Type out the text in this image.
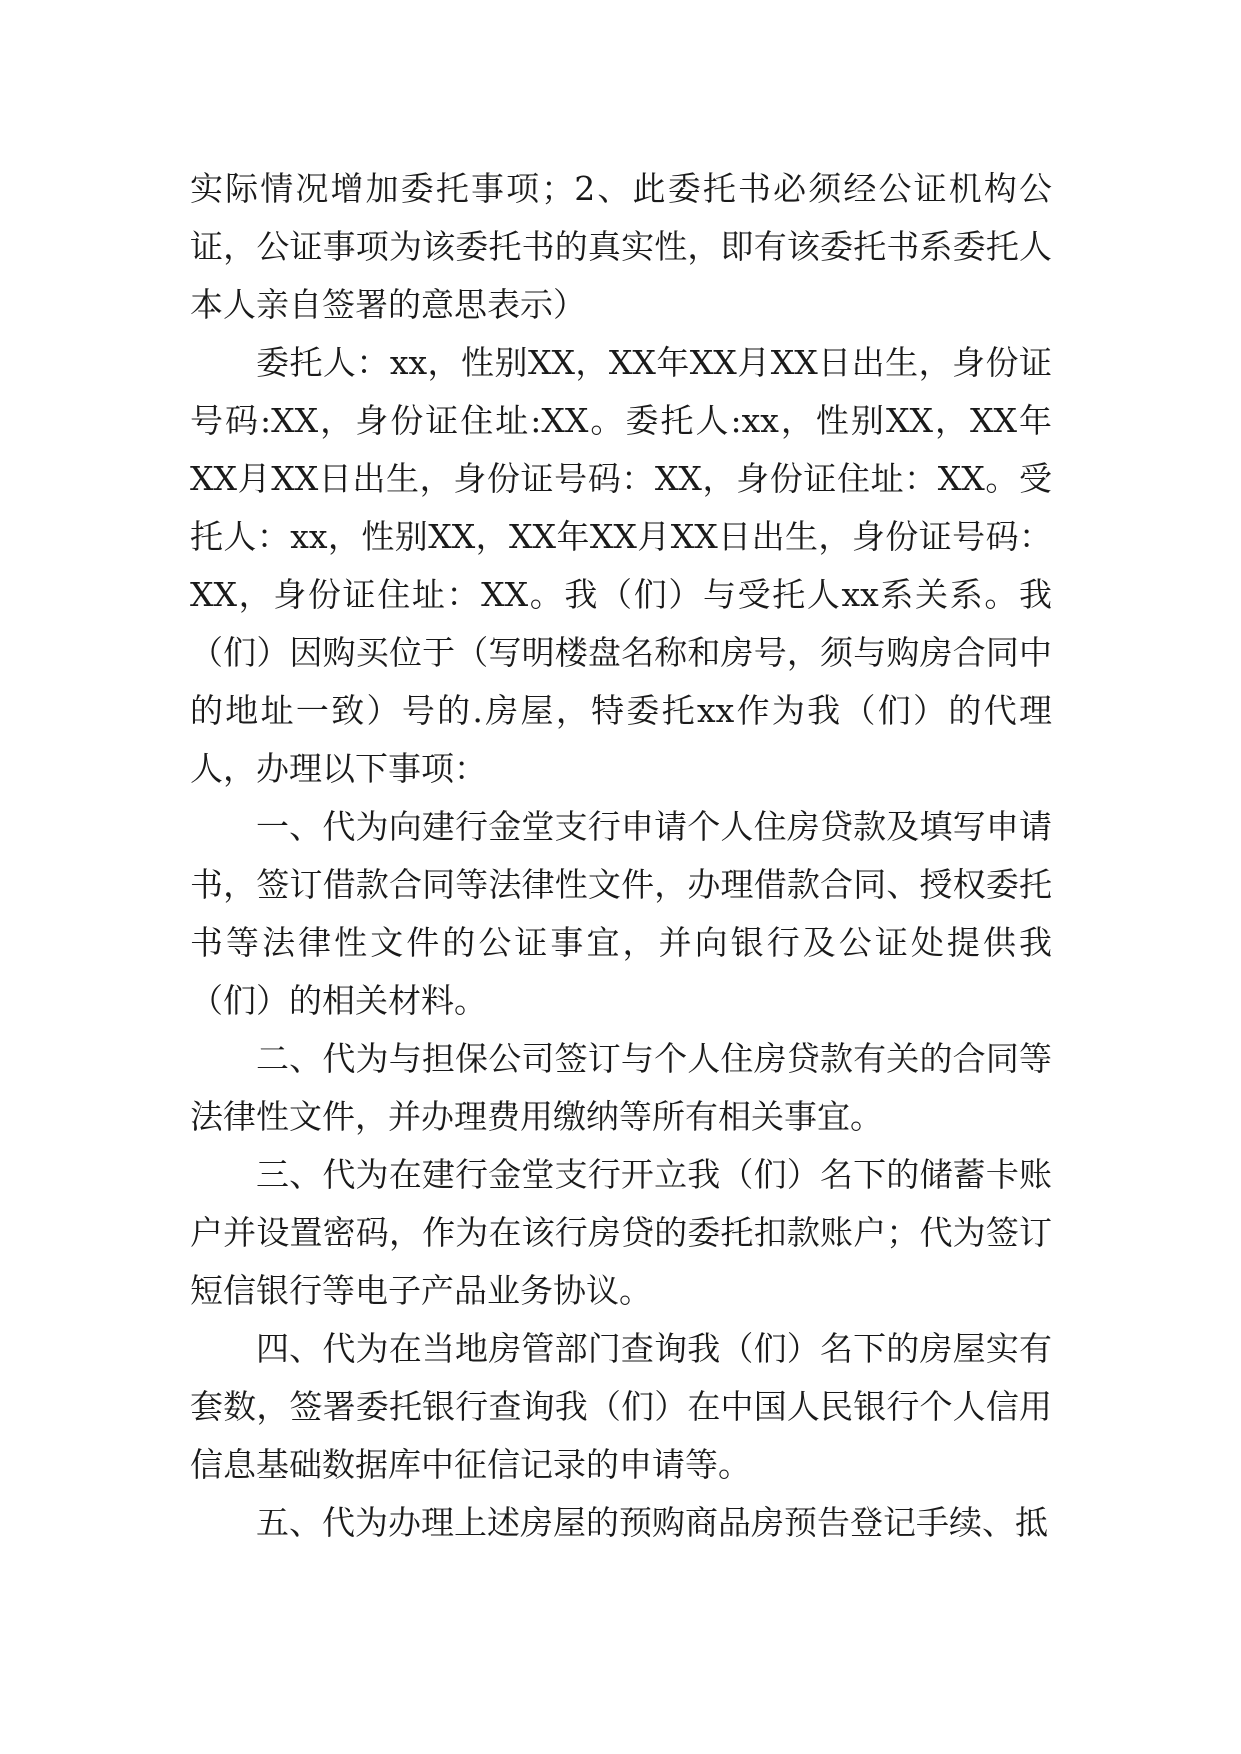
实际情况增加委托事项；2、此委托书必须经公证机构公证，公证事项为该委托书的真实性，即有该委托书系委托人本人亲自签署的意思表示）

委托人：xx，性别XX，XX年XX月XX日出生，身份证号码:XX，身份证住址:XX。委托人:xx，性别XX，XX年XX月XX日出生，身份证号码：XX，身份证住址：XX。受托人：xx，性别XX，XX年XX月XX日出生，身份证号码：XX，身份证住址：XX。我（们）与受托人xx系关系。我（们）因购买位于（写明楼盘名称和房号，须与购房合同中的地址一致）号的.房屋，特委托xx作为我（们）的代理人，办理以下事项：

一、代为向建行金堂支行申请个人住房贷款及填写申请书，签订借款合同等法律性文件，办理借款合同、授权委托书等法律性文件的公证事宜，并向银行及公证处提供我（们）的相关材料。

二、代为与担保公司签订与个人住房贷款有关的合同等法律性文件，并办理费用缴纳等所有相关事宜。

三、代为在建行金堂支行开立我（们）名下的储蓄卡账户并设置密码，作为在该行房贷的委托扣款账户；代为签订短信银行等电子产品业务协议。

四、代为在当地房管部门查询我（们）名下的房屋实有套数，签署委托银行查询我（们）在中国人民银行个人信用信息基础数据库中征信记录的申请等。

五、代为办理上述房屋的预购商品房预告登记手续、抵
